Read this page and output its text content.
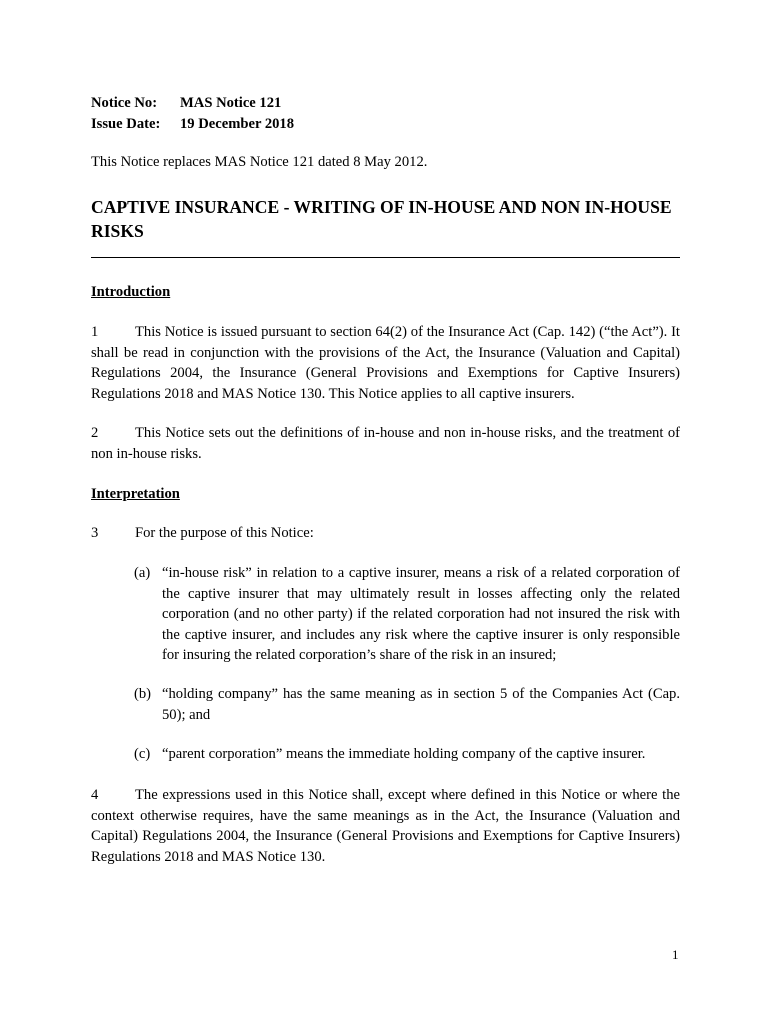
Notice No:	MAS Notice 121
Issue Date:	19 December 2018
This Notice replaces MAS Notice 121 dated 8 May 2012.
CAPTIVE INSURANCE - WRITING OF IN-HOUSE AND NON IN-HOUSE RISKS
Introduction
1	This Notice is issued pursuant to section 64(2) of the Insurance Act (Cap. 142) (“the Act”). It shall be read in conjunction with the provisions of the Act, the Insurance (Valuation and Capital) Regulations 2004, the Insurance (General Provisions and Exemptions for Captive Insurers) Regulations 2018 and MAS Notice 130. This Notice applies to all captive insurers.
2	This Notice sets out the definitions of in-house and non in-house risks, and the treatment of non in-house risks.
Interpretation
3	For the purpose of this Notice:
(a) “in-house risk” in relation to a captive insurer, means a risk of a related corporation of the captive insurer that may ultimately result in losses affecting only the related corporation (and no other party) if the related corporation had not insured the risk with the captive insurer, and includes any risk where the captive insurer is only responsible for insuring the related corporation’s share of the risk in an insured;
(b) “holding company” has the same meaning as in section 5 of the Companies Act (Cap. 50); and
(c) “parent corporation” means the immediate holding company of the captive insurer.
4	The expressions used in this Notice shall, except where defined in this Notice or where the context otherwise requires, have the same meanings as in the Act, the Insurance (Valuation and Capital) Regulations 2004, the Insurance (General Provisions and Exemptions for Captive Insurers) Regulations 2018 and MAS Notice 130.
1
